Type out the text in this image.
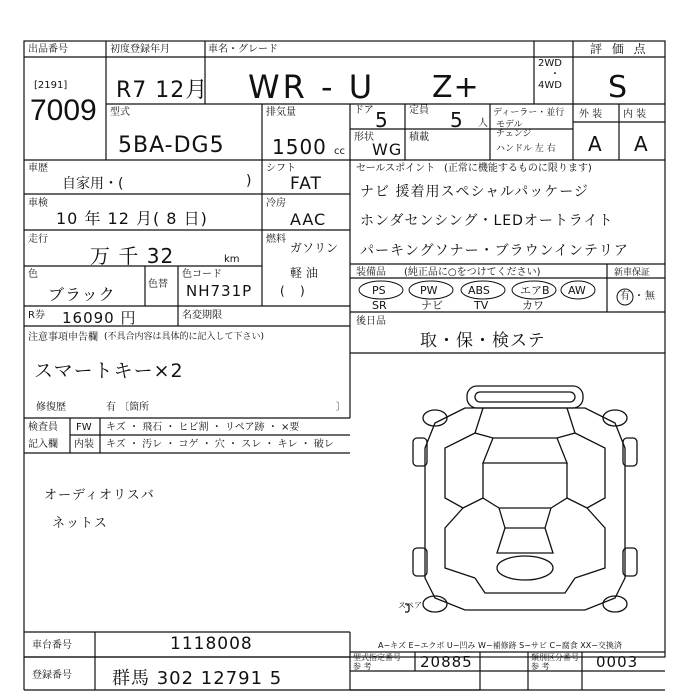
出品番号
[2191]
7009
初度登録年月
R7 12月
車名・グレード
WR - U Z+
2WD
・
4WD
評 価 点
S
型式
5BA-DG5
排気量
1500 cc
ドア 5 定員 5 人
ディーラー・並行
形状
WG
積載
モデル
チェンジ
ハンドル 左 右
外 装 内 装
A A
車歴
自家用・(	)
シフト
FAT
車検
10 年 12 月( 8 日)
冷房
AAC
走行
万 千 32	km
燃料
ガソリン
軽 油
(    )
色
ブラック
色替
色コード
NH731P
R券 16090 円	名変期限
注意事項申告欄 (不具合内容は具体的に記入して下さい)
スマートキー×2
修復歴	有 〔箇所	〕
検査員
記入欄
FW キズ ・ 飛石 ・ ヒビ割 ・ リペア跡 ・ ×要
内装 キズ ・ 汚レ ・ コゲ ・ 穴 ・ スレ ・ キレ ・ 破レ
オーディオリスバ
ネットス
セールスポイント (正常に機能するものに限ります)
ナビ 援着用スペシャルパッケージ
ホンダセンシング・LEDオートライト
パーキングソナー・ブラウンインテリア
装備品 (純正品に○をつけてください)
PS	PW	ABS	エアB AW
SR	ナビ	TV	カワ
新車保証
有 ・ 無
後日品
取・保・検ステ
スペア
A−キズ E−エクボ U−凹み W−補修跡 S−サビ C−腐食 XX−交換済
車台番号	1118008
登録番号 群馬 302 12791 5
型式指定番号
参 考	20885	類別区分番号
参 考	0003
